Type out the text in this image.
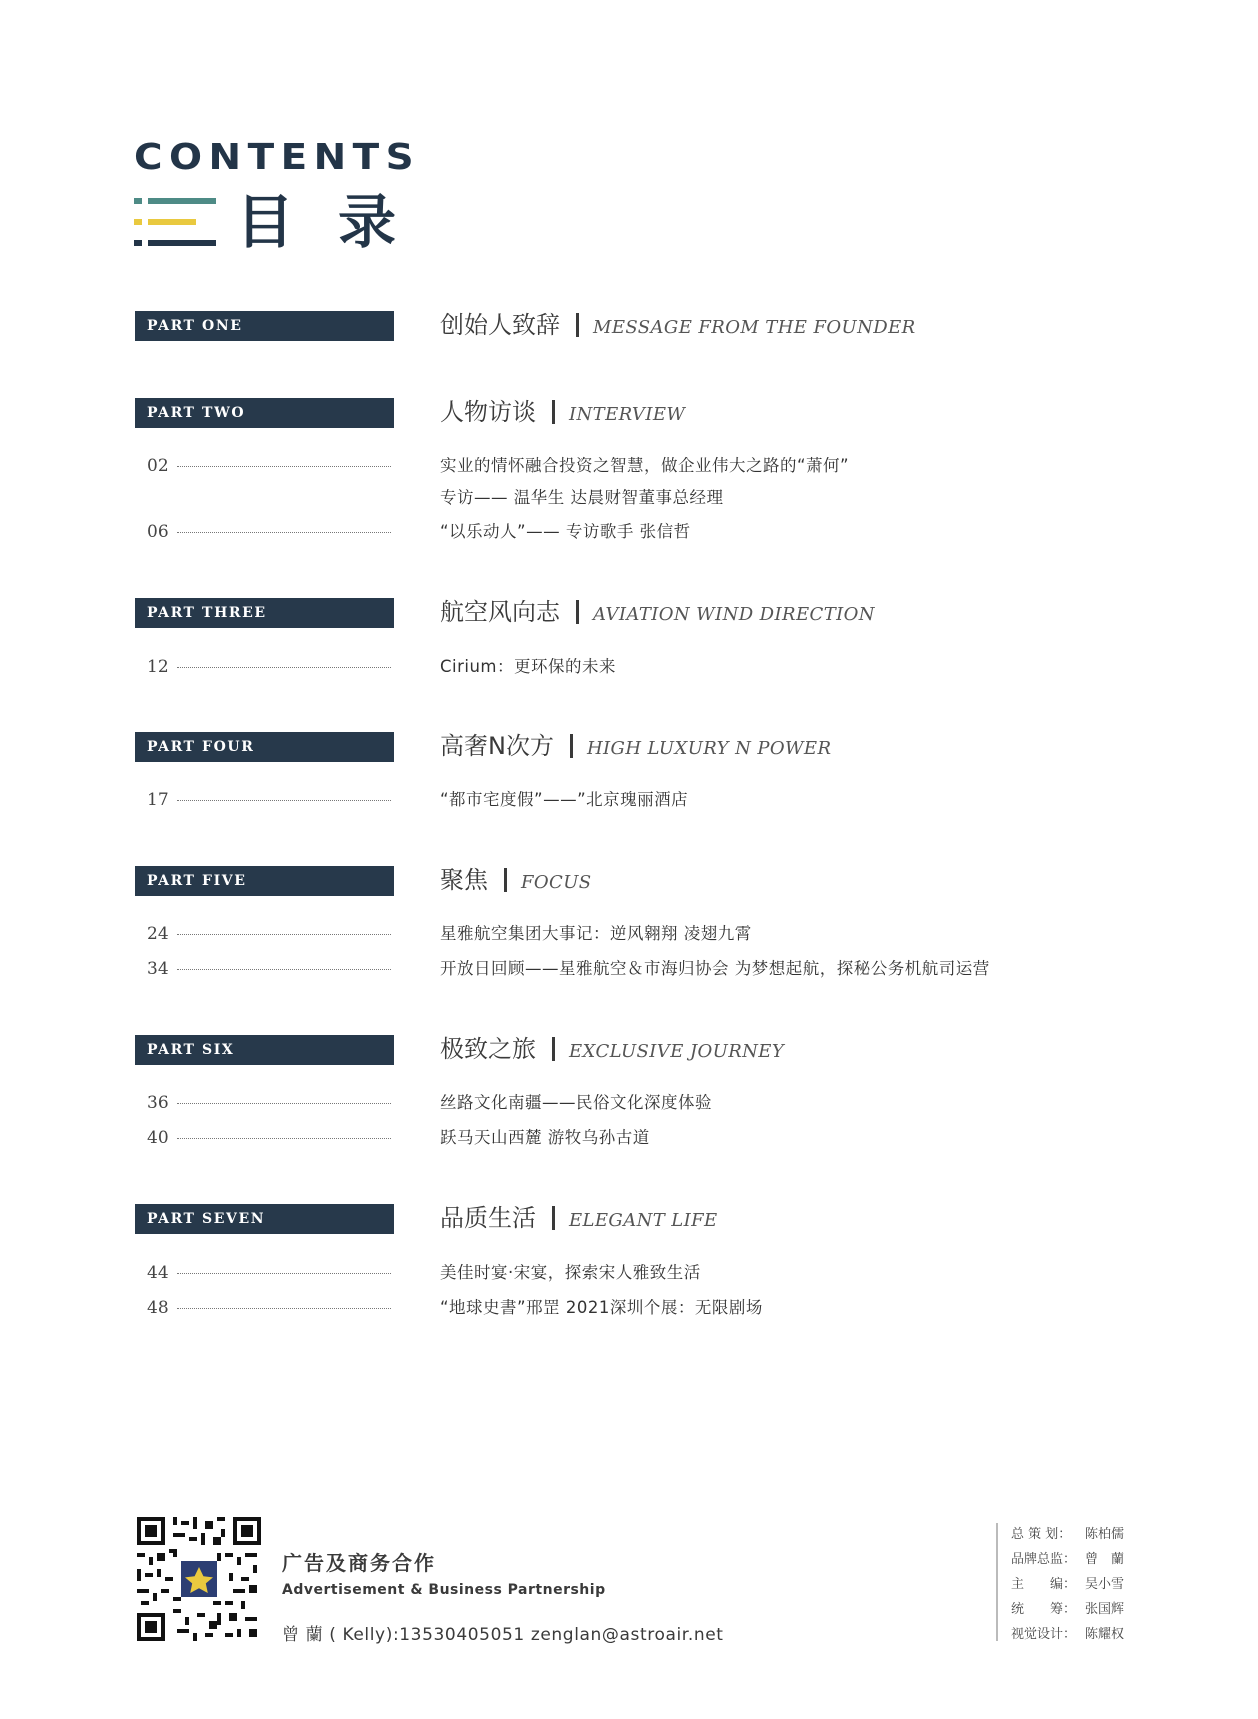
CONTENTS
目录
PART ONE	创始人致辞 MESSAGE FROM THE FOUNDER
PART TWO	人物访谈 INTERVIEW
02	实业的情怀融合投资之智慧，做企业伟大之路的“萧何”
专访—— 温华生 达晨财智董事总经理
06	“以乐动人”—— 专访歌手 张信哲
PART THREE	航空风向志 AVIATION WIND DIRECTION
12	Cirium：更环保的未来
PART FOUR	高奢N次方 HIGH LUXURY N POWER
17	“都市宅度假”——”北京瑰丽酒店
PART FIVE	聚焦 FOCUS
24	星雅航空集团大事记：逆风翱翔 凌翅九霄
34	开放日回顾——星雅航空＆市海归协会 为梦想起航，探秘公务机航司运营
PART SIX	极致之旅 EXCLUSIVE JOURNEY
36	丝路文化南疆——民俗文化深度体验
40	跃马天山西麓 游牧乌孙古道
PART SEVEN	品质生活 ELEGANT LIFE
44	美佳时宴·宋宴，探索宋人雅致生活
48	“地球史書”邢罡 2021深圳个展：无限剧场
广告及商务合作
Advertisement & Business Partnership
曾 蘭 ( Kelly):13530405051 zenglan@astroair.net
总 策 划： 陈柏儒
品牌总监： 曾　蘭
主　　编： 吴小雪
统　　筹： 张国辉
视觉设计： 陈耀权
